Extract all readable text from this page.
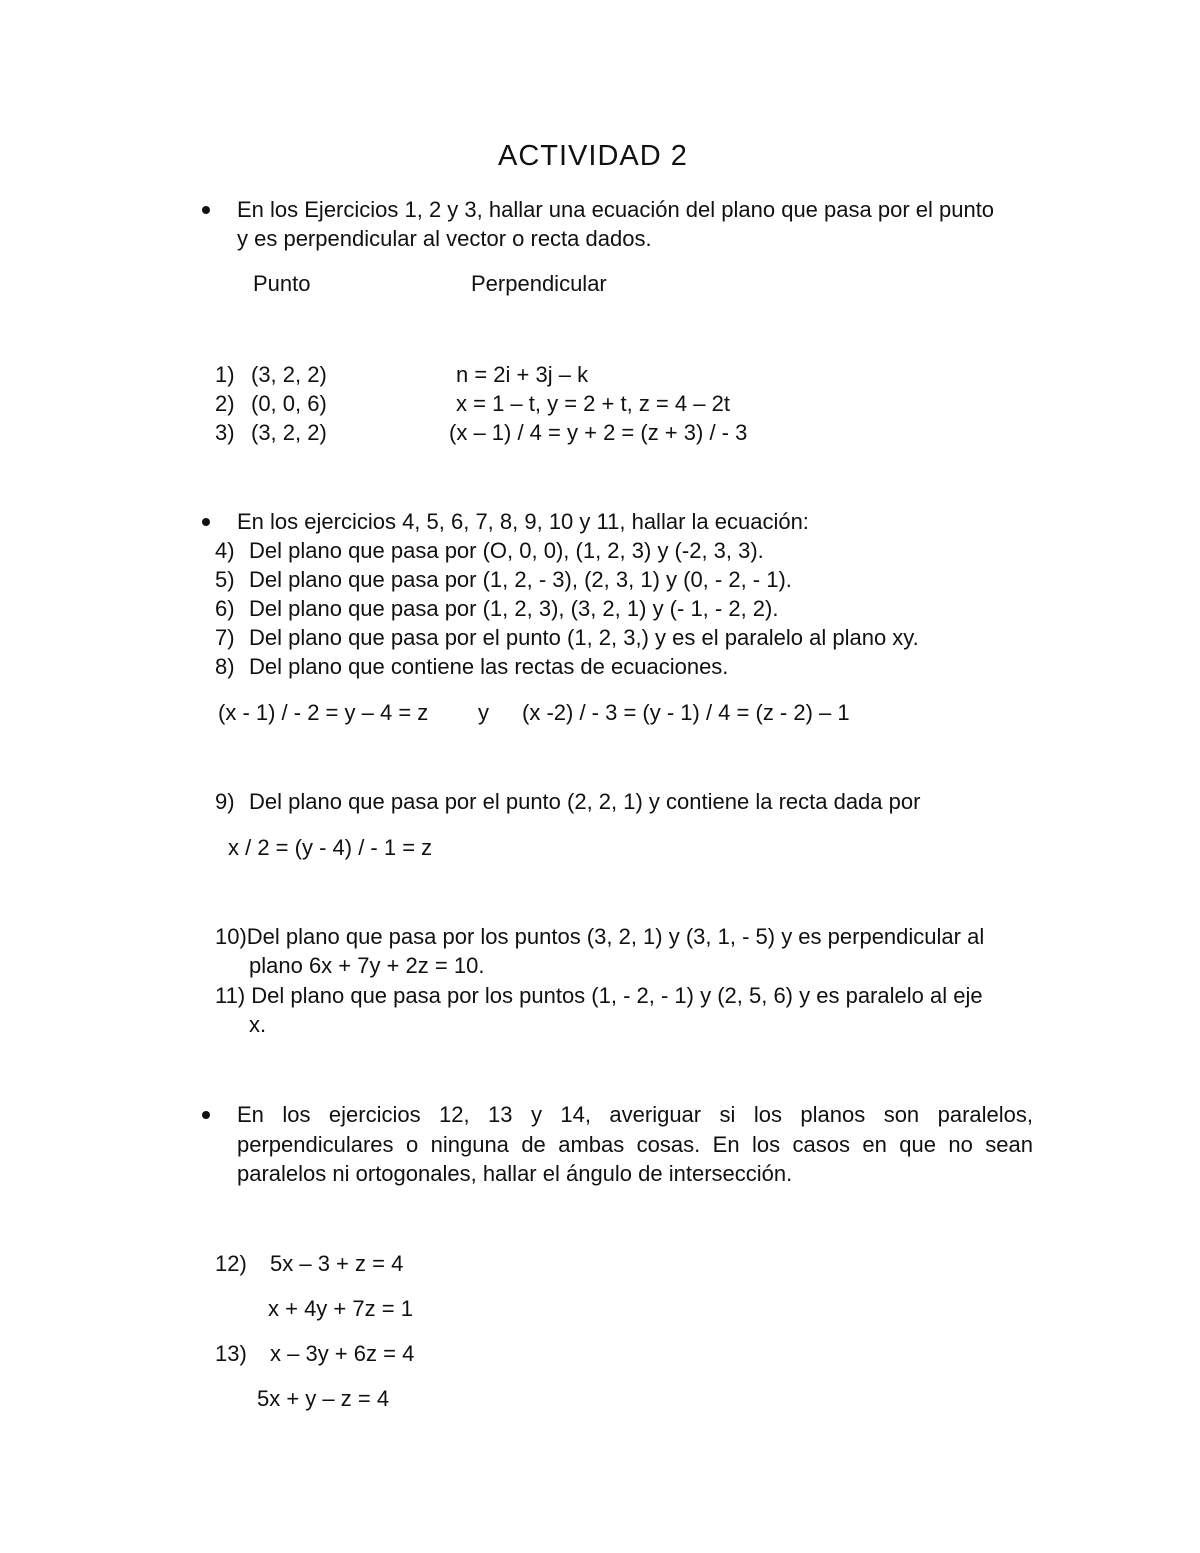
ACTIVIDAD 2
En los Ejercicios 1, 2 y 3, hallar una ecuación del plano que pasa por el punto
y es perpendicular al vector o recta dados.
Punto	Perpendicular
1) (3, 2, 2)	n = 2i + 3j – k
2) (0, 0, 6)	x = 1 – t, y = 2 + t, z = 4 – 2t
3) (3, 2, 2)	(x – 1) / 4 = y + 2 = (z + 3) / - 3
En los ejercicios 4, 5, 6, 7, 8, 9, 10 y 11, hallar la ecuación:
4) Del plano que pasa por (O, 0, 0), (1, 2, 3) y (-2, 3, 3).
5) Del plano que pasa por (1, 2, - 3), (2, 3, 1) y (0, - 2, - 1).
6) Del plano que pasa por (1, 2, 3), (3, 2, 1) y (- 1, - 2, 2).
7) Del plano que pasa por el punto (1, 2, 3,) y es el paralelo al plano xy.
8) Del plano que contiene las rectas de ecuaciones.
(x - 1) / - 2 = y – 4 = z y (x -2) / - 3 = (y - 1) / 4 = (z - 2) – 1
9) Del plano que pasa por el punto (2, 2, 1) y contiene la recta dada por
x / 2 = (y - 4) / - 1 = z
10)Del plano que pasa por los puntos (3, 2, 1) y (3, 1, - 5) y es perpendicular al
plano 6x + 7y + 2z = 10.
11) Del plano que pasa por los puntos (1, - 2, - 1) y (2, 5, 6) y es paralelo al eje
x.
En los ejercicios 12, 13 y 14, averiguar si los planos son paralelos,
perpendiculares o ninguna de ambas cosas. En los casos en que no sean
paralelos ni ortogonales, hallar el ángulo de intersección.
12) 5x – 3 + z = 4
x + 4y + 7z = 1
13) x – 3y + 6z = 4
5x + y – z = 4
